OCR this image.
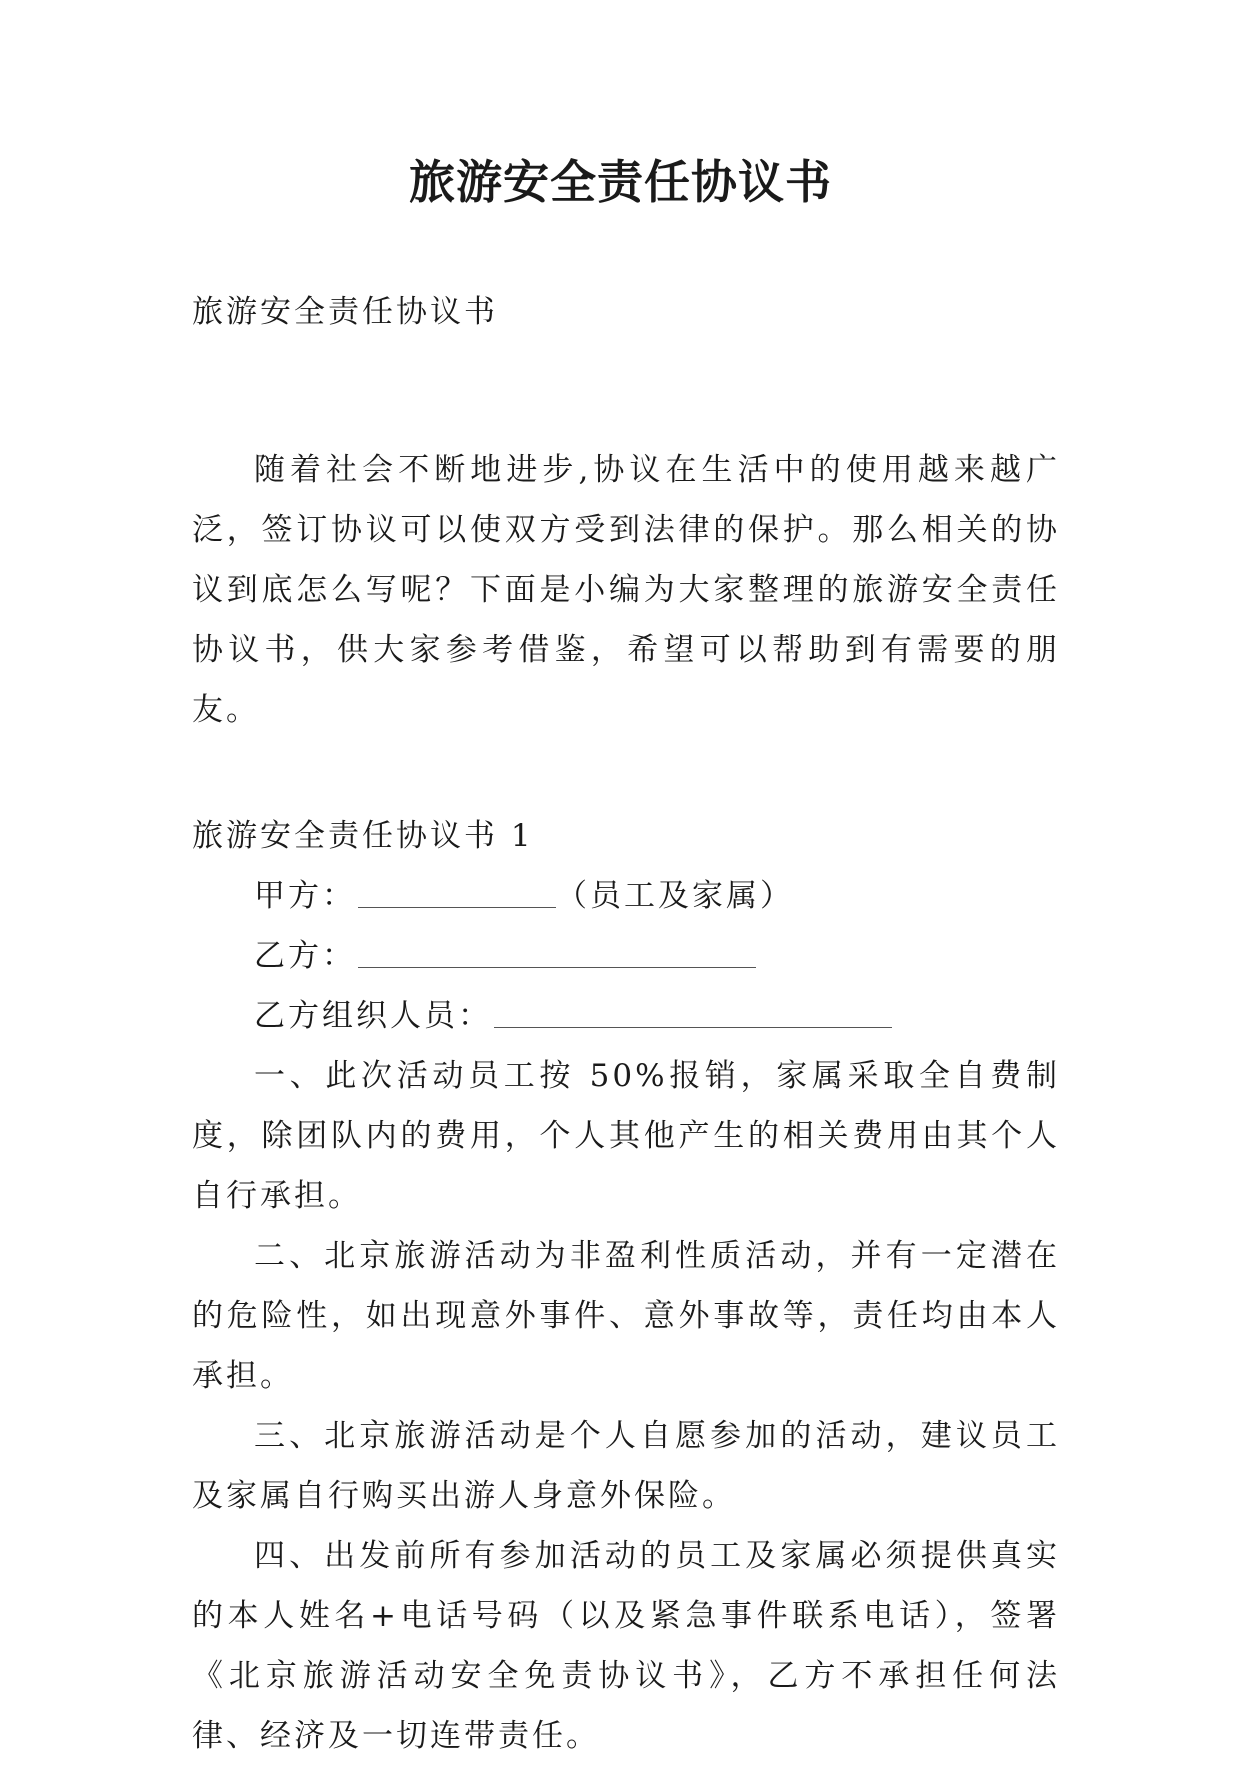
旅游安全责任协议书
旅游安全责任协议书

随着社会不断地进步,协议在生活中的使用越来越广泛，签订协议可以使双方受到法律的保护。那么相关的协议到底怎么写呢？下面是小编为大家整理的旅游安全责任协议书，供大家参考借鉴，希望可以帮助到有需要的朋友。

旅游安全责任协议书 1
甲方：	（员工及家属）
乙方：
乙方组织人员：

一、此次活动员工按 50%报销，家属采取全自费制度，除团队内的费用，个人其他产生的相关费用由其个人自行承担。

二、北京旅游活动为非盈利性质活动，并有一定潜在的危险性，如出现意外事件、意外事故等，责任均由本人承担。

三、北京旅游活动是个人自愿参加的活动，建议员工及家属自行购买出游人身意外保险。

四、出发前所有参加活动的员工及家属必须提供真实的本人姓名+电话号码（以及紧急事件联系电话），签署《北京旅游活动安全免责协议书》，乙方不承担任何法律、经济及一切连带责任。
